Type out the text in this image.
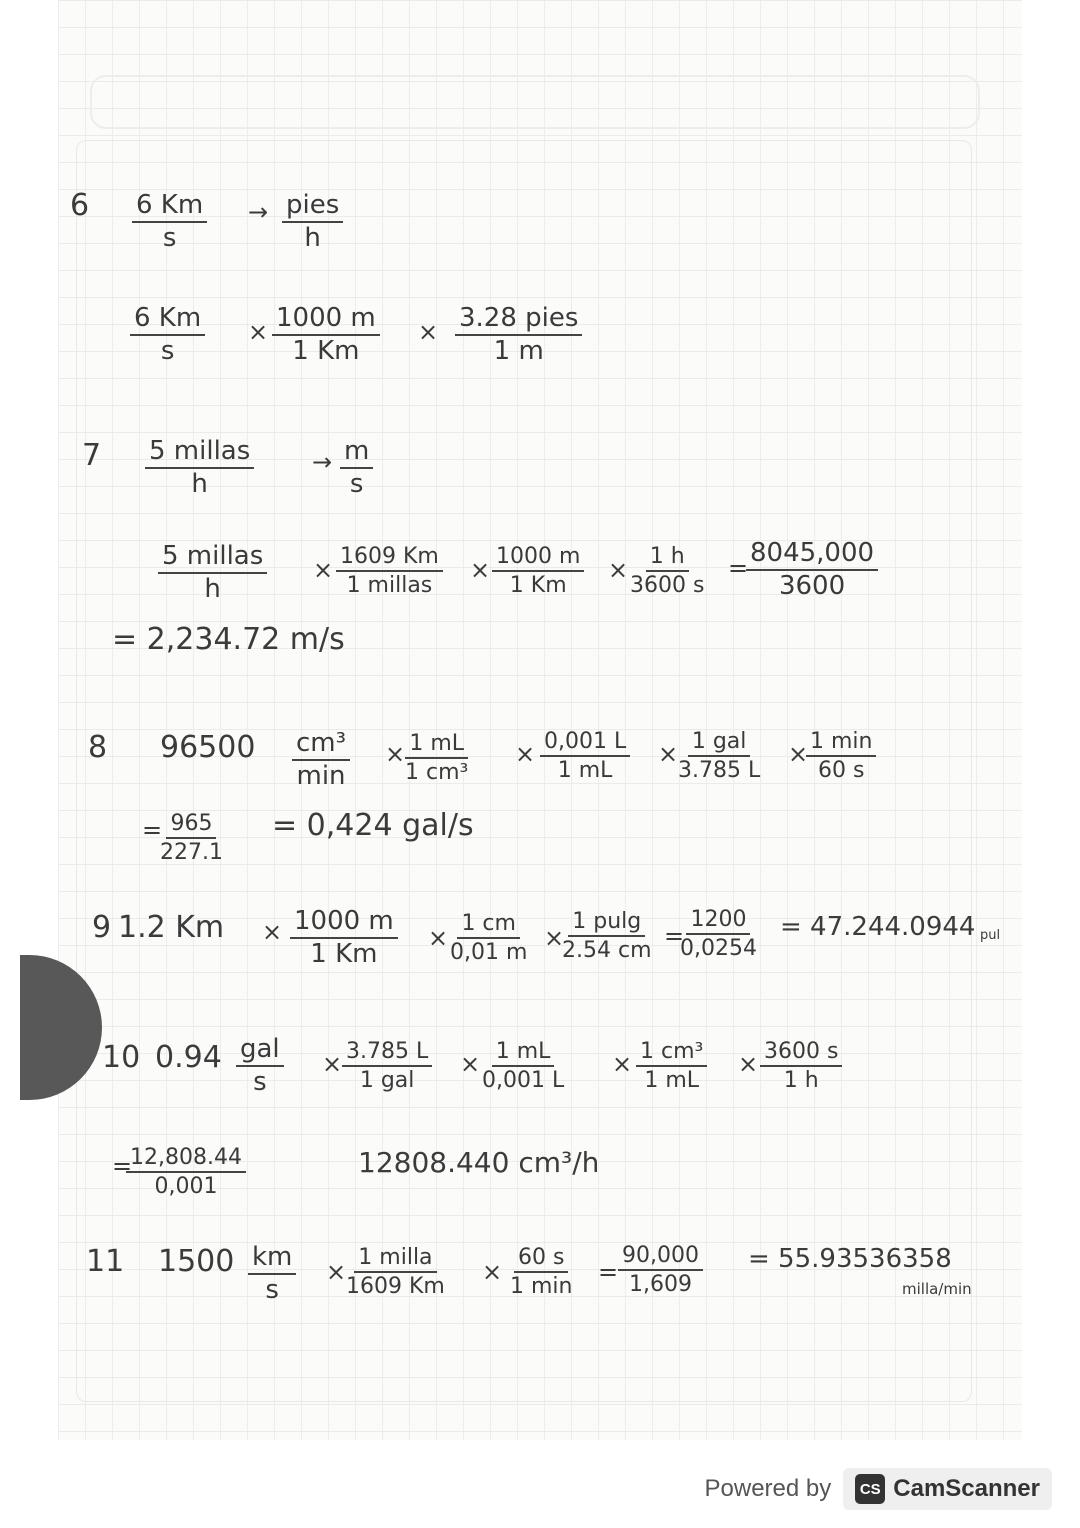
$6 \frac{6 Km}{s}$ → pies
h
$\frac{6 Km}{s} \times \frac{1000 m}{1 Km} \times 3.28$ pies
1 m
7 5 millas
h
→ $\frac{m}{s}$
5 millas
h
× 1609 Km
1 millas
× $\frac{1000 m}{1 Km} \times \frac{1 h}{3600 s}$ =
$\frac{8045,000}{3600}$
= 2,234.72 m/s
8 96500 cm³
min
× $\frac{1 mL}{\text{1 cm³}} \times \frac{0,001 L}{1 mL} \times 1$ gal
3.785 L
× 1 min
60 s
=
$\frac{965}{227.1} = 0,424$ gal/s
9 1.2 $Km \times \frac{1000 m}{1 Km} \times \frac{1 cm}{0,01 m}$ ×
$\frac{1 pulg}{2.54 cm}$ =
$\frac{1200}{0,0254} = 47.244.0944$ pul
10 0.94 gal
s
× 3.785 L
1 gal
× $\frac{1 mL}{0,001 L} \times \frac{\text{1 cm³}}{1 mL} \times \frac{3600 s}{1 h}$
=
$\frac{12,808.44}{0,001}$	12808.440 cm³/h
11 $1500 \frac{km}{s}$ ×
1 milla
1609 Km
×
60 s
1 min
= $\frac{90,000}{1,609} = 55.93536358$
milla/min
Powered by	CS CamScanner
